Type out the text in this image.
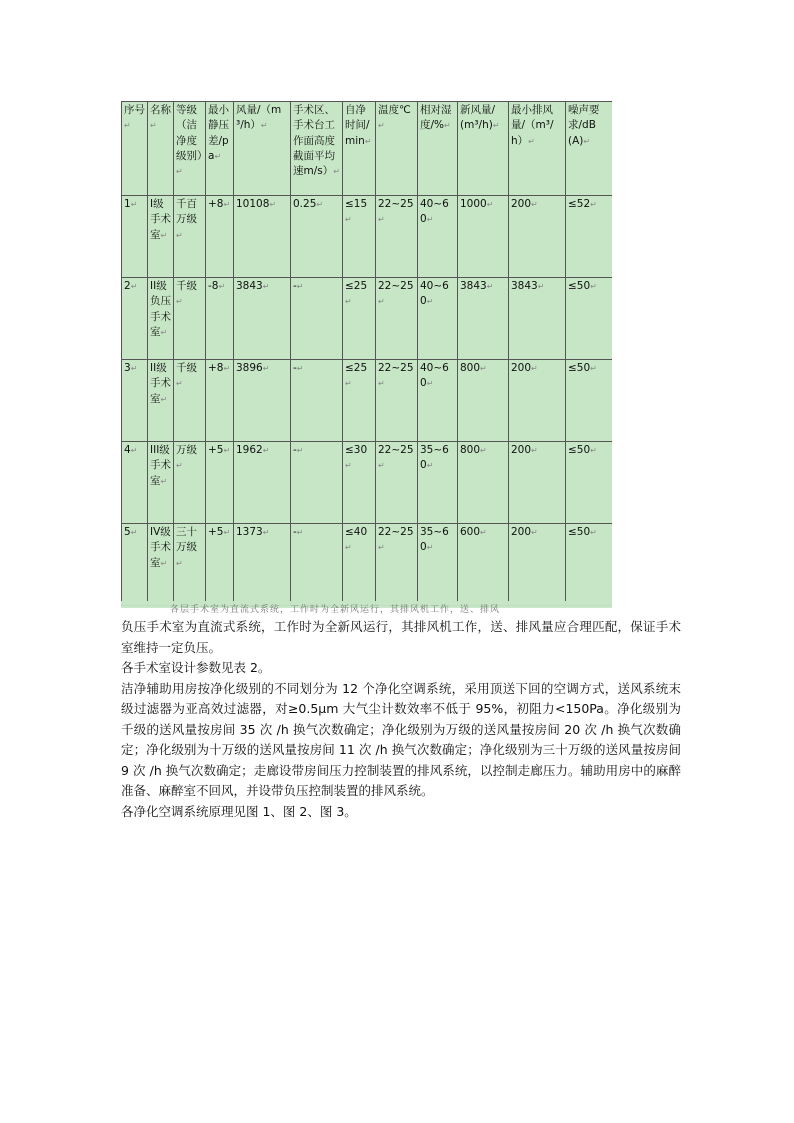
序号↵	名称↵	等级（洁净度级别）↵	最小静压差/pa↵	风量/（m³/h）↵	手术区、手术台工作面高度截面平均速m/s）↵	自净时间/min↵	温度℃↵	相对湿度/%↵	新风量/(m³/h)↵	最小排风量/（m³/h）↵	噪声要求/dB(A)↵
1↵	I级手术室↵	千百万级↵	+8↵	10108↵	0.25↵	≤15↵	22~25↵	40~60↵	1000↵	200↵	≤52↵
2↵	II级负压手术室↵	千级↵	-8↵	3843↵	-↵	≤25↵	22~25↵	40~60↵	3843↵	3843↵	≤50↵
3↵	II级手术室↵	千级↵	+8↵	3896↵	-↵	≤25↵	22~25↵	40~60↵	800↵	200↵	≤50↵
4↵	III级手术室↵	万级↵	+5↵	1962↵	-↵	≤30↵	22~25↵	35~60↵	800↵	200↵	≤50↵
5↵	IV级手术室↵	三十万级↵	+5↵	1373↵	-↵	≤40↵	22~25↵	35~60↵	600↵	200↵	≤50↵
各层手术室为直流式系统，工作时为全新风运行，其排风机工作，送、排风

负压手术室为直流式系统，工作时为全新风运行，其排风机工作，送、排风量应合理匹配，保证手术室维持一定负压。

各手术室设计参数见表 2。

洁净辅助用房按净化级别的不同划分为 12 个净化空调系统，采用顶送下回的空调方式，送风系统末级过滤器为亚高效过滤器，对≥0.5μm 大气尘计数效率不低于 95%，初阻力<150Pa。净化级别为千级的送风量按房间 35 次 /h 换气次数确定；净化级别为万级的送风量按房间 20 次 /h 换气次数确定；净化级别为十万级的送风量按房间 11 次 /h 换气次数确定；净化级别为三十万级的送风量按房间 9 次 /h 换气次数确定；走廊设带房间压力控制装置的排风系统，以控制走廊压力。辅助用房中的麻醉准备、麻醉室不回风，并设带负压控制装置的排风系统。

各净化空调系统原理见图 1、图 2、图 3。
